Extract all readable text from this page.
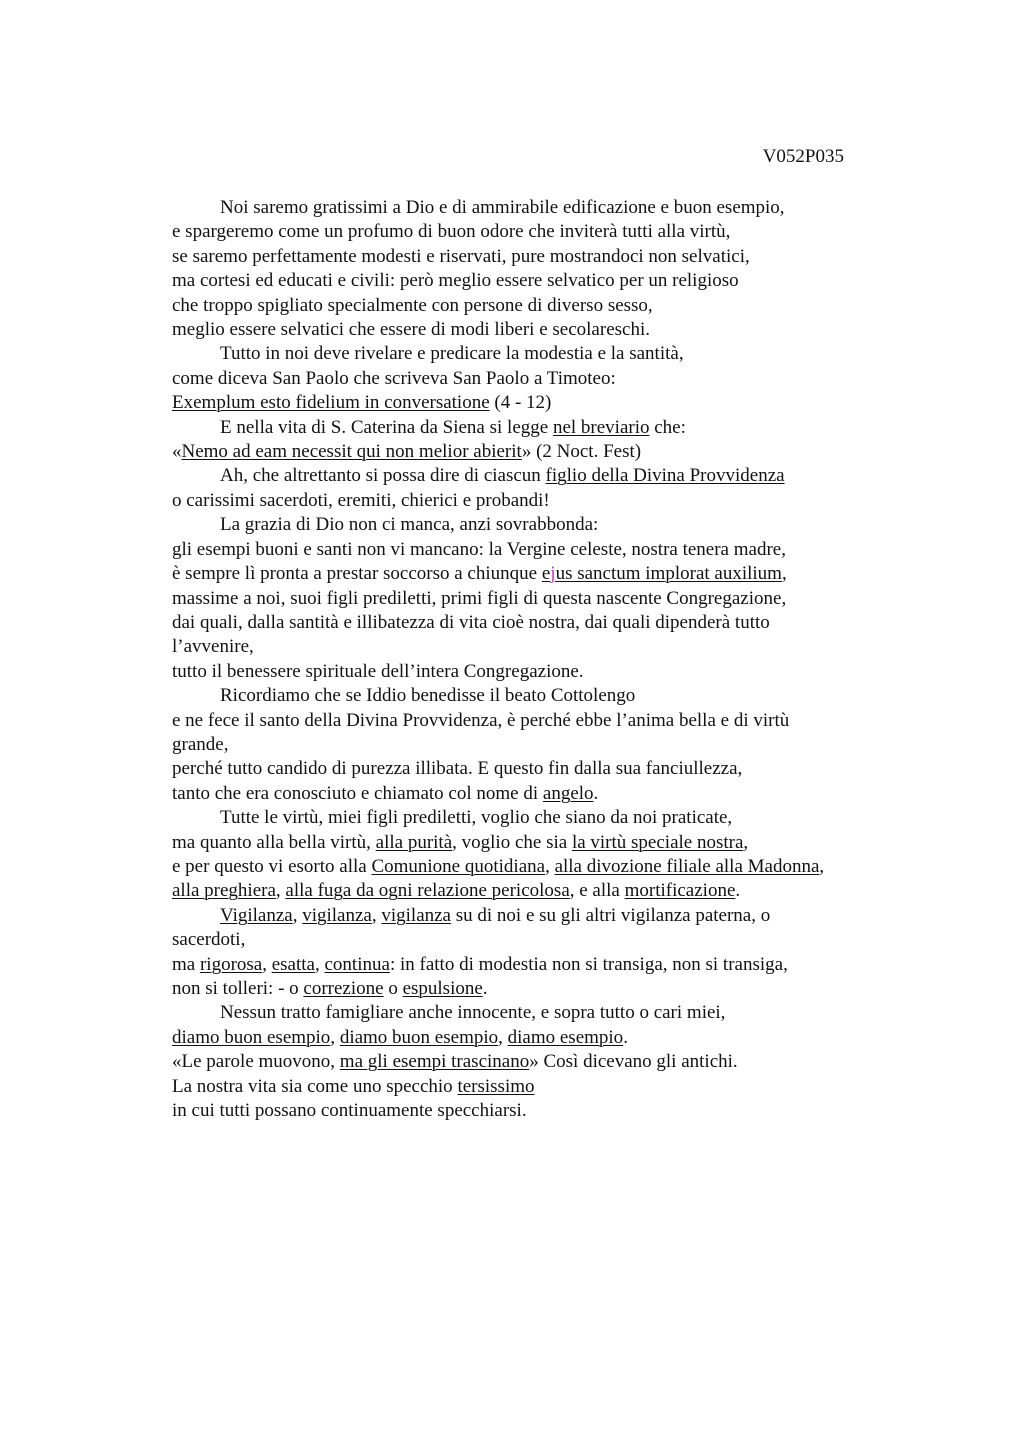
V052P035
Noi saremo gratissimi a Dio e di ammirabile edificazione e buon esempio,
e spargeremo come un profumo di buon odore che inviterà tutti alla virtù,
se saremo perfettamente modesti e riservati, pure mostrandoci non selvatici,
ma cortesi ed educati e civili: però meglio essere selvatico per un religioso
che troppo spigliato specialmente con persone di diverso sesso,
meglio essere selvatici che essere di modi liberi e secolareschi.
Tutto in noi deve rivelare e predicare la modestia e la santità,
come diceva San Paolo che scriveva San Paolo a Timoteo:
Exemplum esto fidelium in conversatione (4 - 12)
E nella vita di S. Caterina da Siena si legge nel breviario che:
«Nemo ad eam necessit qui non melior abierit» (2 Noct. Fest)
Ah, che altrettanto si possa dire di ciascun figlio della Divina Provvidenza
o carissimi sacerdoti, eremiti, chierici e probandi!
La grazia di Dio non ci manca, anzi sovrabbonda:
gli esempi buoni e santi non vi mancano: la Vergine celeste, nostra tenera madre,
è sempre lì pronta a prestar soccorso a chiunque ejus sanctum implorat auxilium,
massime a noi, suoi figli prediletti, primi figli di questa nascente Congregazione,
dai quali, dalla santità e illibatezza di vita cioè nostra, dai quali dipenderà tutto
l’avvenire,
tutto il benessere spirituale dell’intera Congregazione.
Ricordiamo che se Iddio benedisse il beato Cottolengo
e ne fece il santo della Divina Provvidenza, è perché ebbe l’anima bella e di virtù
grande,
perché tutto candido di purezza illibata. E questo fin dalla sua fanciullezza,
tanto che era conosciuto e chiamato col nome di angelo.
Tutte le virtù, miei figli prediletti, voglio che siano da noi praticate,
ma quanto alla bella virtù, alla purità, voglio che sia la virtù speciale nostra,
e per questo vi esorto alla Comunione quotidiana, alla divozione filiale alla Madonna,
alla preghiera, alla fuga da ogni relazione pericolosa, e alla mortificazione.
Vigilanza, vigilanza, vigilanza su di noi e su gli altri vigilanza paterna, o
sacerdoti,
ma rigorosa, esatta, continua: in fatto di modestia non si transiga, non si transiga,
non si tolleri: - o correzione o espulsione.
Nessun tratto famigliare anche innocente, e sopra tutto o cari miei,
diamo buon esempio, diamo buon esempio, diamo esempio.
«Le parole muovono, ma gli esempi trascinano» Così dicevano gli antichi.
La nostra vita sia come uno specchio tersissimo
in cui tutti possano continuamente specchiarsi.
